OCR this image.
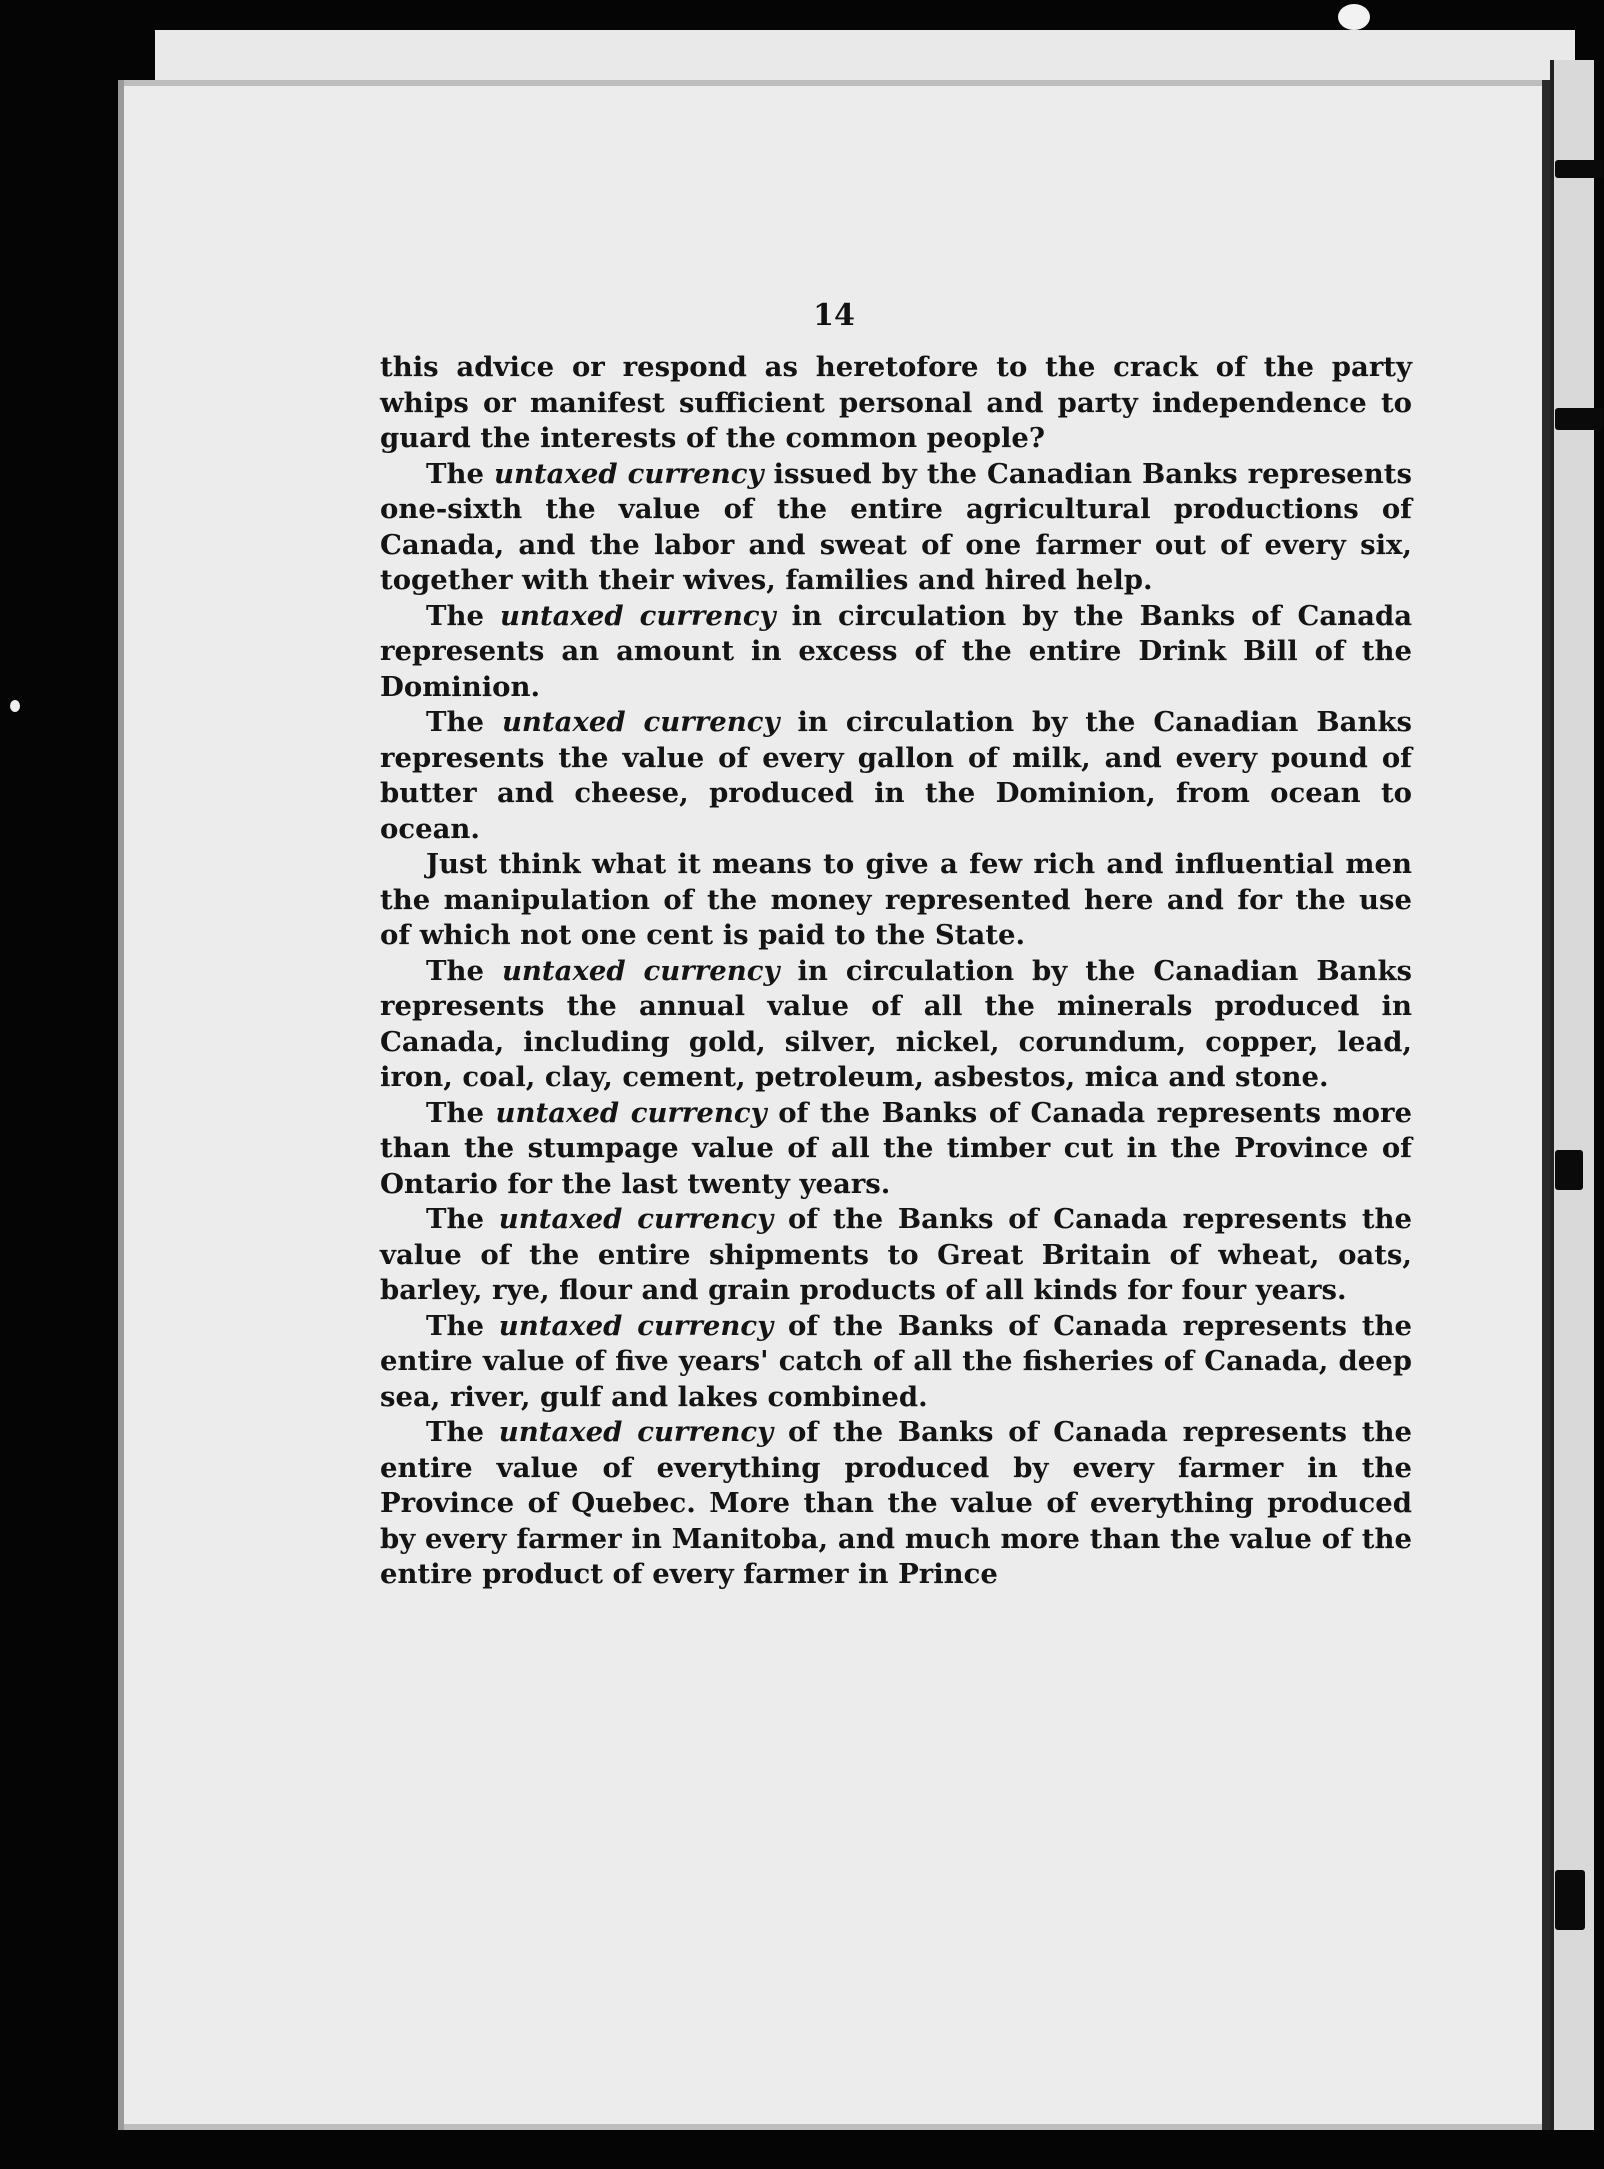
14

this advice or respond as heretofore to the crack of the party whips or manifest sufficient personal and party independence to guard the interests of the common people?

The untaxed currency issued by the Canadian Banks represents one-sixth the value of the entire agricultural productions of Canada, and the labor and sweat of one farmer out of every six, together with their wives, families and hired help.

The untaxed currency in circulation by the Banks of Canada represents an amount in excess of the entire Drink Bill of the Dominion.

The untaxed currency in circulation by the Canadian Banks represents the value of every gallon of milk, and every pound of butter and cheese, produced in the Dominion, from ocean to ocean.

Just think what it means to give a few rich and influential men the manipulation of the money represented here and for the use of which not one cent is paid to the State.

The untaxed currency in circulation by the Canadian Banks represents the annual value of all the minerals produced in Canada, including gold, silver, nickel, corundum, copper, lead, iron, coal, clay, cement, petroleum, asbestos, mica and stone.

The untaxed currency of the Banks of Canada represents more than the stumpage value of all the timber cut in the Province of Ontario for the last twenty years.

The untaxed currency of the Banks of Canada represents the value of the entire shipments to Great Britain of wheat, oats, barley, rye, flour and grain products of all kinds for four years.

The untaxed currency of the Banks of Canada represents the entire value of five years' catch of all the fisheries of Canada, deep sea, river, gulf and lakes combined.

The untaxed currency of the Banks of Canada represents the entire value of everything produced by every farmer in the Province of Quebec. More than the value of everything produced by every farmer in Manitoba, and much more than the value of the entire product of every farmer in Prince
